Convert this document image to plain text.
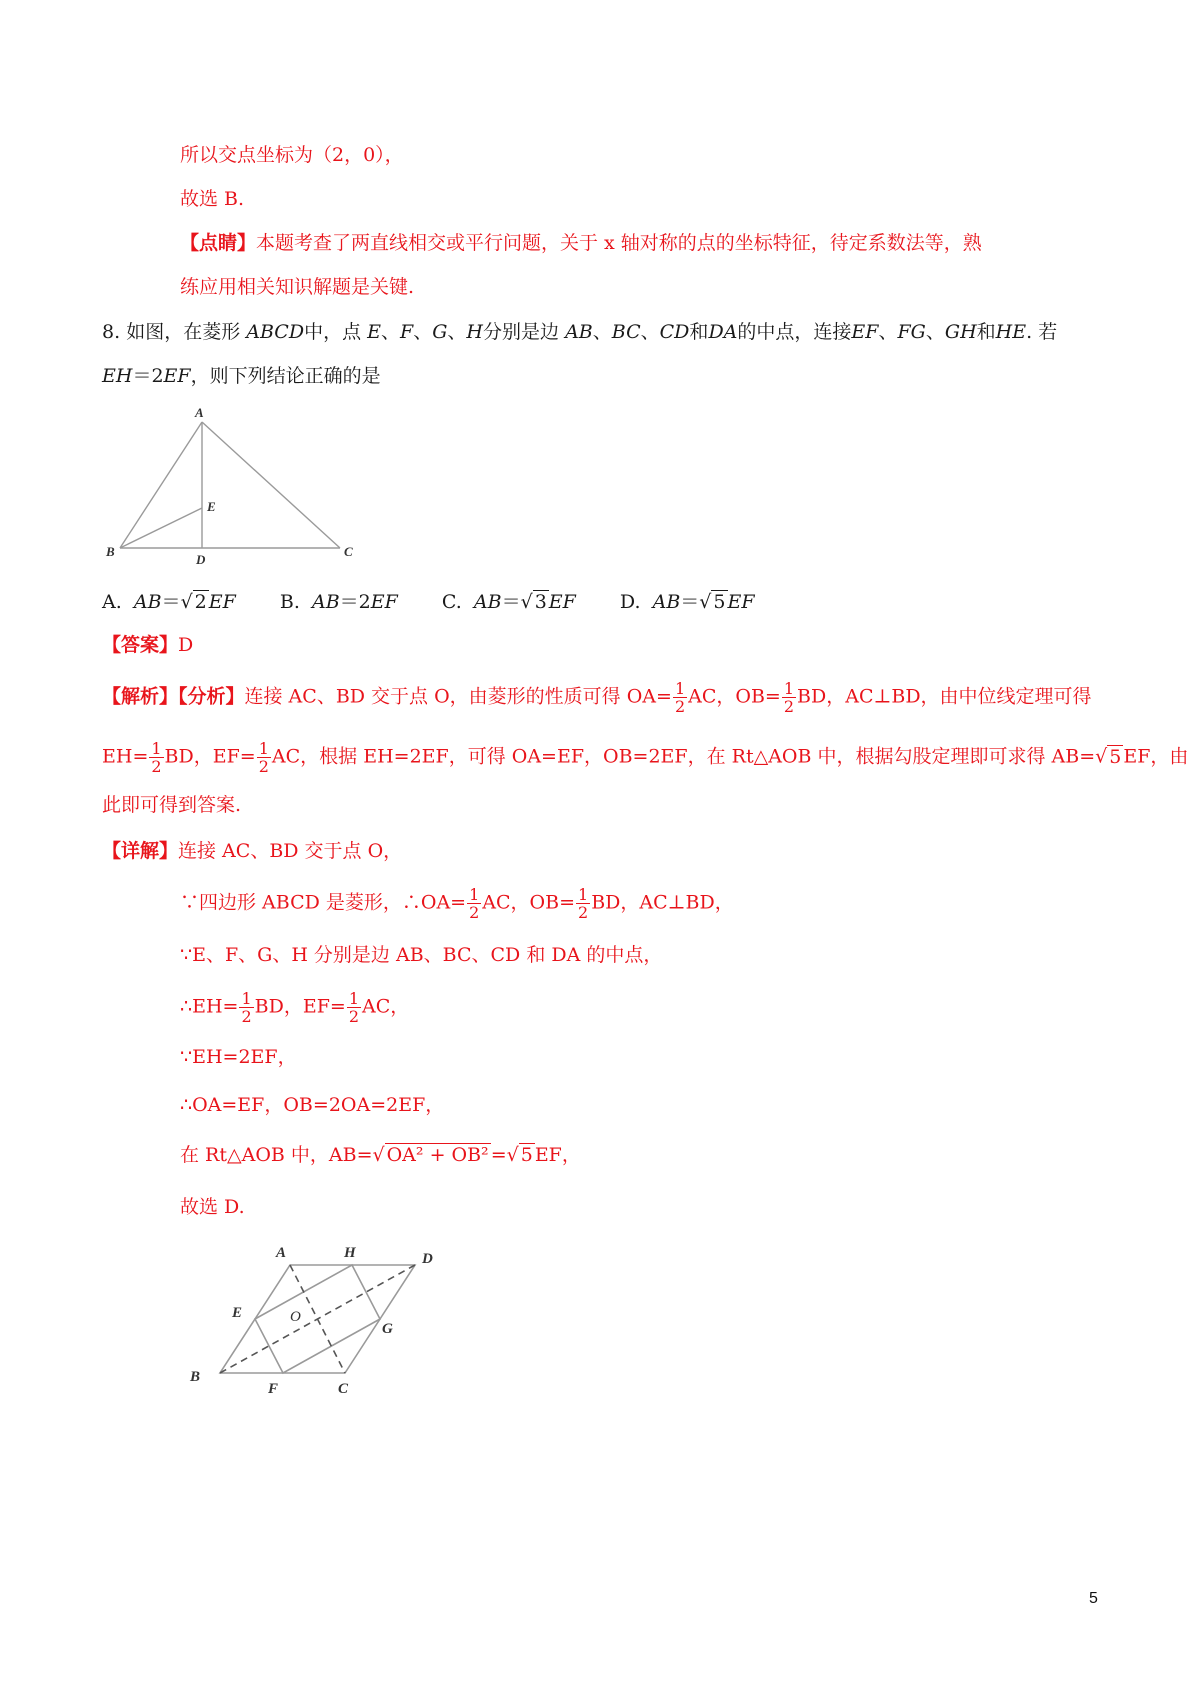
所以交点坐标为（2，0），
故选 B.
【点睛】本题考查了两直线相交或平行问题，关于 x 轴对称的点的坐标特征，待定系数法等，熟
练应用相关知识解题是关键.
8. 如图，在菱形 ABCD中，点 E、F、G、H分别是边 AB、BC、CD和DA的中点，连接EF、FG、GH和HE. 若
EH＝2EF，则下列结论正确的是
A
B	C
D
E
A. AB＝√ 2 EF B. AB＝2EF C. AB＝√ 3 EF D. AB＝√ 5 EF
【答案】D
【解析】【分析】连接 AC、BD 交于点 O，由菱形的性质可得 $OA= \frac{1}{2}$ AC，$OB= \frac{1}{2}$ BD，AC⊥BD，由中位线定理可得
$EH= \frac{1}{2}$ BD，$EF= \frac{1}{2}$ AC，根据 EH=2EF，可得 OA=EF，OB=2EF，在 Rt△AOB 中，根据勾股定理即可求得 AB=√ 5 EF，由
此即可得到答案.
【详解】连接 AC、BD 交于点 O，
∵四边形 ABCD 是菱形，∴OA= $\frac{1}{2}$ AC，$OB= \frac{1}{2}$ BD，AC⊥BD，
∵E、F、G、H 分别是边 AB、BC、CD 和 DA 的中点，
∴EH= $\frac{1}{2}$ BD，$EF= \frac{1}{2}$ AC，
∵EH=2EF，
∴OA=EF，OB=2OA=2EF，
在 Rt△AOB 中，AB=√ OA² + OB² =√ 5 EF，
故选 D.
A	H	D
E	O
G
B
F	C
5
